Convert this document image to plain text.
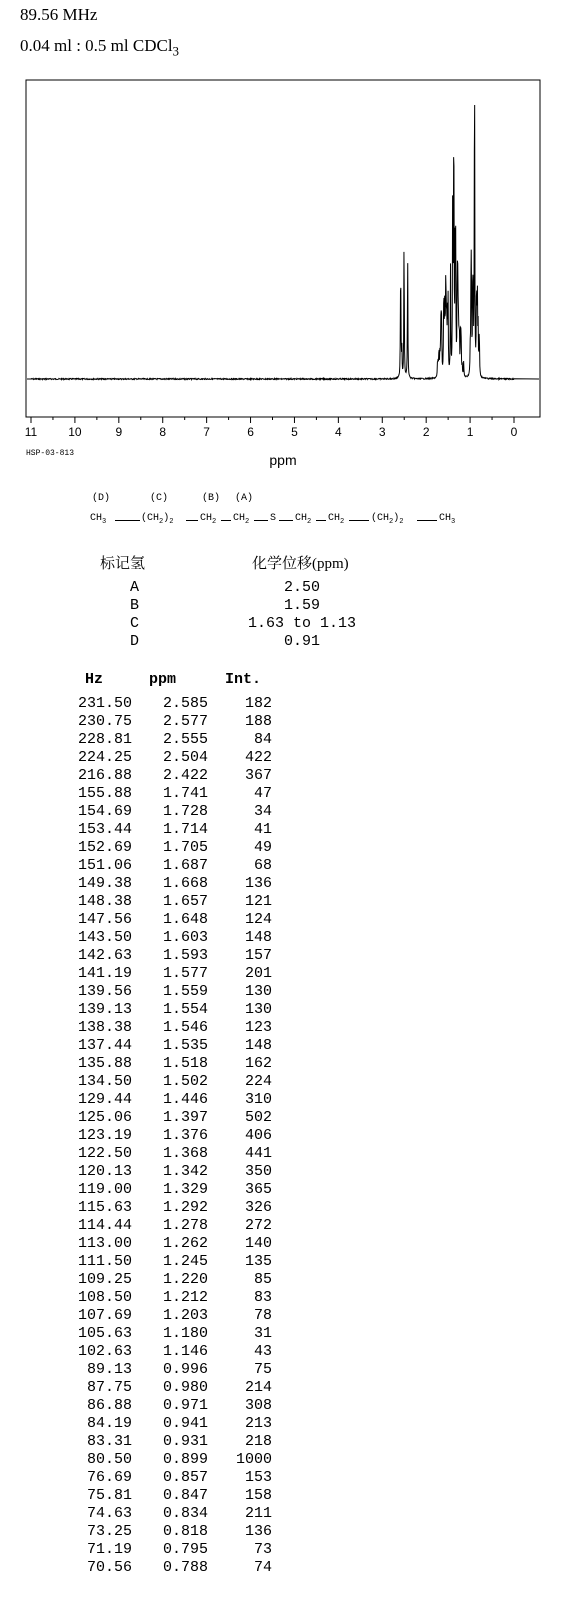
89.56 MHz
0.04 ml : 0.5 ml CDCl$_3$
11	10	9	8	7	6	5	4	3	2	1	0
ppm
HSP-03-813
(D)	(C)	(B) (A)
$CH_3$	$(CH_2)_2$	$CH_2$ $CH_2$ S $CH_2$ $CH_2$	$(CH_2)_2$	$CH_3$
标记氢	化学位移(ppm)
A	2.50
B	1.59
C	1.63 to 1.13
D	0.91
Hz	ppm	Int.
231.50	2.585	182
230.75	2.577	188
228.81	2.555	84
224.25	2.504	422
216.88	2.422	367
155.88	1.741	47
154.69	1.728	34
153.44	1.714	41
152.69	1.705	49
151.06	1.687	68
149.38	1.668	136
148.38	1.657	121
147.56	1.648	124
143.50	1.603	148
142.63	1.593	157
141.19	1.577	201
139.56	1.559	130
139.13	1.554	130
138.38	1.546	123
137.44	1.535	148
135.88	1.518	162
134.50	1.502	224
129.44	1.446	310
125.06	1.397	502
123.19	1.376	406
122.50	1.368	441
120.13	1.342	350
119.00	1.329	365
115.63	1.292	326
114.44	1.278	272
113.00	1.262	140
111.50	1.245	135
109.25	1.220	85
108.50	1.212	83
107.69	1.203	78
105.63	1.180	31
102.63	1.146	43
89.13	0.996	75
87.75	0.980	214
86.88	0.971	308
84.19	0.941	213
83.31	0.931	218
80.50	0.899	1000
76.69	0.857	153
75.81	0.847	158
74.63	0.834	211
73.25	0.818	136
71.19	0.795	73
70.56	0.788	74
